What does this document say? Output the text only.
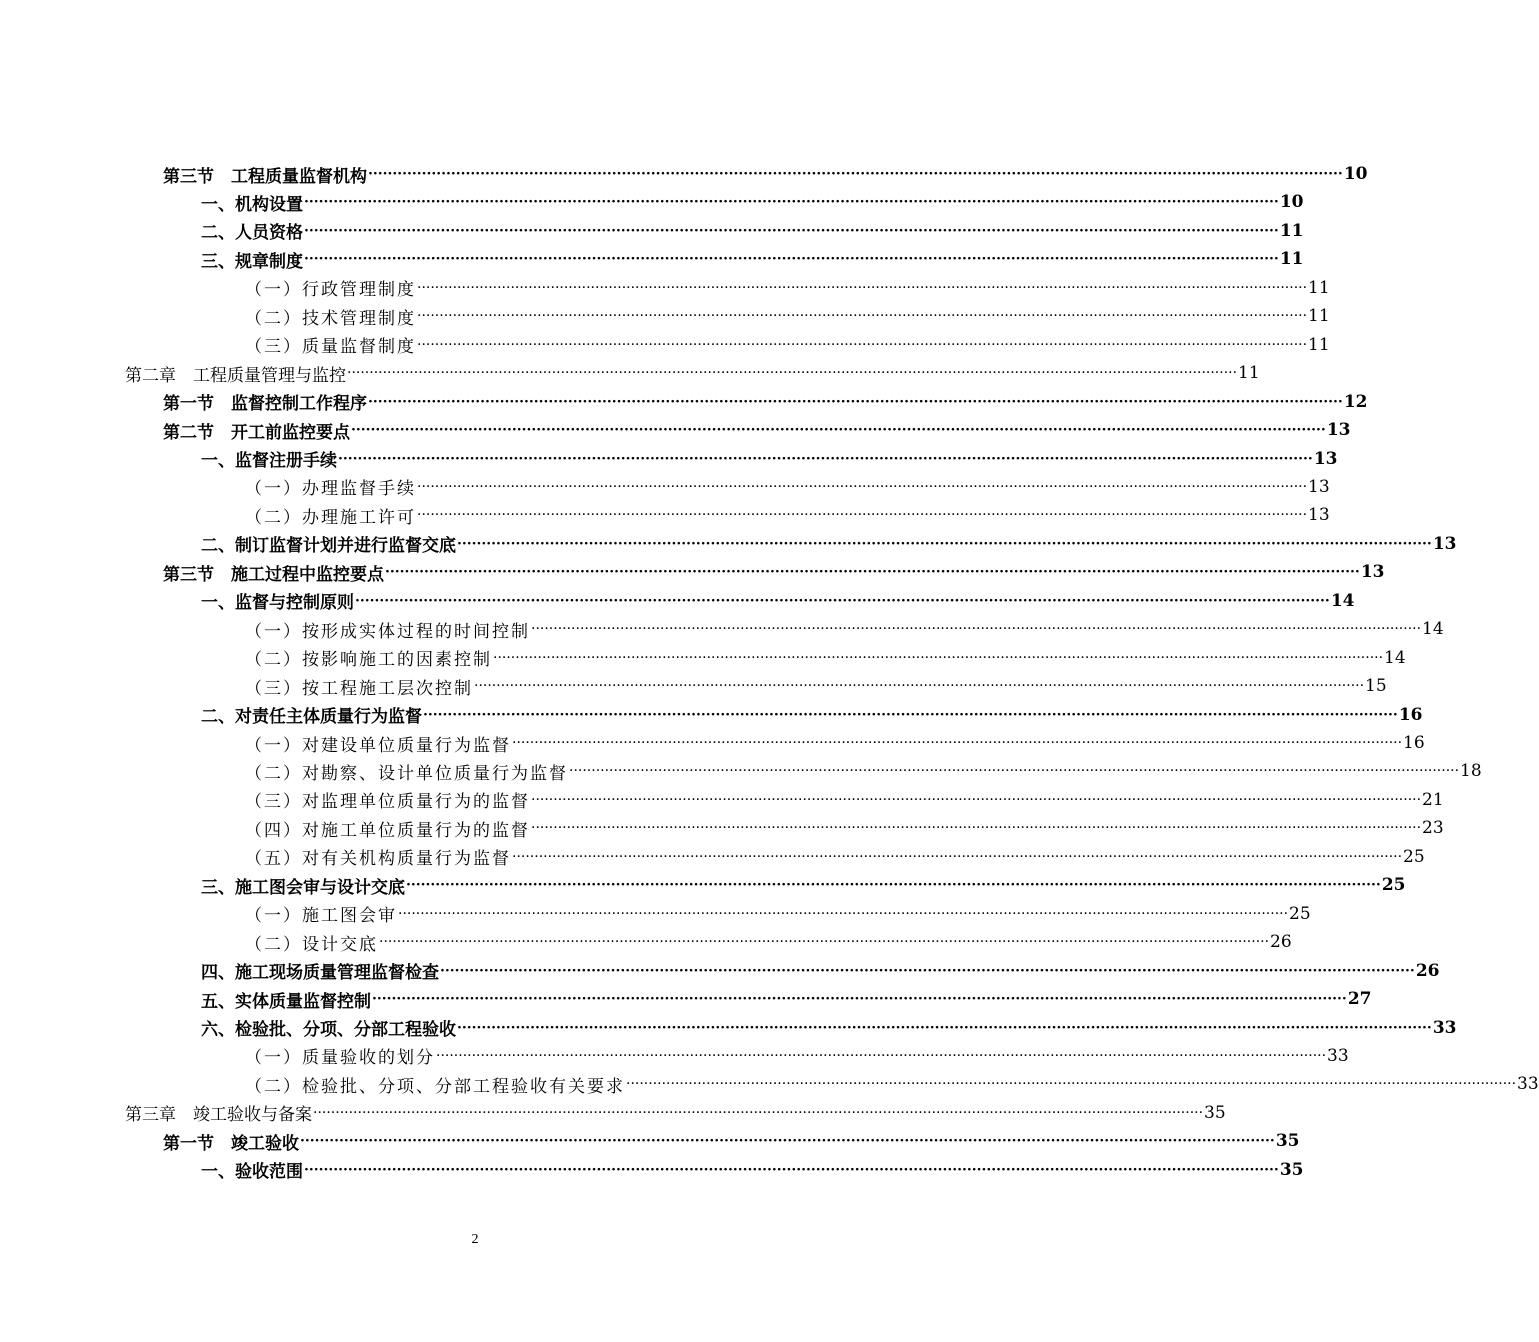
第三节　工程质量监督机构 ········································································································································································································ 10
一、机构设置 ········································································································································································································ 10
二、人员资格 ········································································································································································································ 11
三、规章制度 ········································································································································································································ 11
（一）行政管理制度 ········································································································································································································ 11
（二）技术管理制度 ········································································································································································································ 11
（三）质量监督制度 ········································································································································································································ 11
第二章　工程质量管理与监控 ········································································································································································································ 11
第一节　监督控制工作程序 ········································································································································································································ 12
第二节　开工前监控要点 ········································································································································································································ 13
一、监督注册手续 ········································································································································································································ 13
（一）办理监督手续 ········································································································································································································ 13
（二）办理施工许可 ········································································································································································································ 13
二、制订监督计划并进行监督交底 ········································································································································································································ 13
第三节　施工过程中监控要点 ········································································································································································································ 13
一、监督与控制原则 ········································································································································································································ 14
（一）按形成实体过程的时间控制 ········································································································································································································ 14
（二）按影响施工的因素控制 ········································································································································································································ 14
（三）按工程施工层次控制 ········································································································································································································ 15
二、对责任主体质量行为监督 ········································································································································································································ 16
（一）对建设单位质量行为监督 ········································································································································································································ 16
（二）对勘察、设计单位质量行为监督 ········································································································································································································ 18
（三）对监理单位质量行为的监督 ········································································································································································································ 21
（四）对施工单位质量行为的监督 ········································································································································································································ 23
（五）对有关机构质量行为监督 ········································································································································································································ 25
三、施工图会审与设计交底 ········································································································································································································ 25
（一）施工图会审 ········································································································································································································ 25
（二）设计交底 ········································································································································································································ 26
四、施工现场质量管理监督检查 ········································································································································································································ 26
五、实体质量监督控制 ········································································································································································································ 27
六、检验批、分项、分部工程验收 ········································································································································································································ 33
（一）质量验收的划分 ········································································································································································································ 33
（二）检验批、分项、分部工程验收有关要求 ········································································································································································································ 33
第三章　竣工验收与备案 ········································································································································································································ 35
第一节　竣工验收 ········································································································································································································ 35
一、验收范围 ········································································································································································································ 35
2
